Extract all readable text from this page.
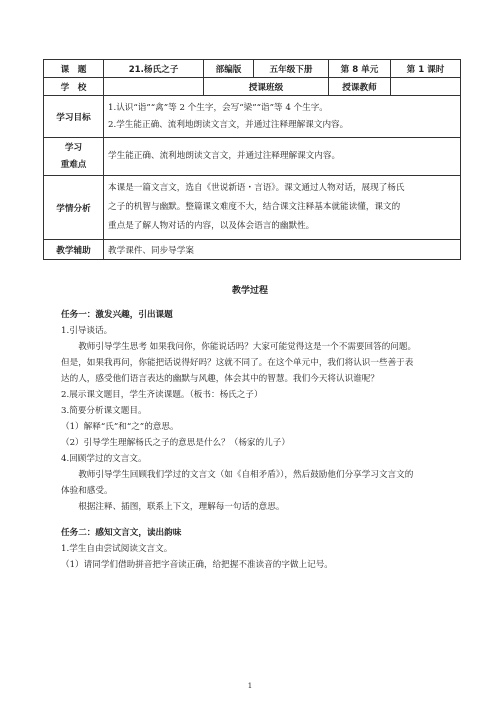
课　题	21.杨氏之子	部编版	五年级下册	第 8 单元	第 1 课时
学　校		授课班级		授课教师	
学习目标	1.认识“诣”“禽”等 2 个生字，会写“梁”“诣”等 4 个生字。
2.学生能正确、流利地朗读文言文，并通过注释理解课文内容。				

学习
重难点	学生能正确、流利地朗读文言文，并通过注释理解课文内容。				
学情分析	本课是一篇文言文，选自《世说新语・言语》。课文通过人物对话，展现了杨氏
之子的机智与幽默。整篇课文难度不大，结合课文注释基本就能读懂，课文的
重点是了解人物对话的内容，以及体会语言的幽默性。				

教学辅助	教学课件、同步导学案				
教学过程
任务一：激发兴趣，引出课题

1.引导谈话。

　　教师引导学生思考 如果我问你，你能说话吗？大家可能觉得这是一个不需要回答的问题。

但是，如果我再问，你能把话说得好吗？这就不同了。在这个单元中，我们将认识一些善于表

达的人，感受他们语言表达的幽默与风趣，体会其中的智慧。我们今天将认识谁呢？

2.展示课文题目，学生齐读课题。（板书：杨氏之子）

3.简要分析课文题目。

（1）解释“氏”和“之”的意思。

（2）引导学生理解杨氏之子的意思是什么？（杨家的儿子）

4.回顾学过的文言文。

　　教师引导学生回顾我们学过的文言文（如《自相矛盾》），然后鼓励他们分享学习文言文的

体验和感受。

　　根据注释、插图，联系上下文，理解每一句话的意思。

任务二：感知文言文，读出韵味

1.学生自由尝试阅读文言文。

（1）请同学们借助拼音把字音读正确，给把握不准读音的字做上记号。

1
